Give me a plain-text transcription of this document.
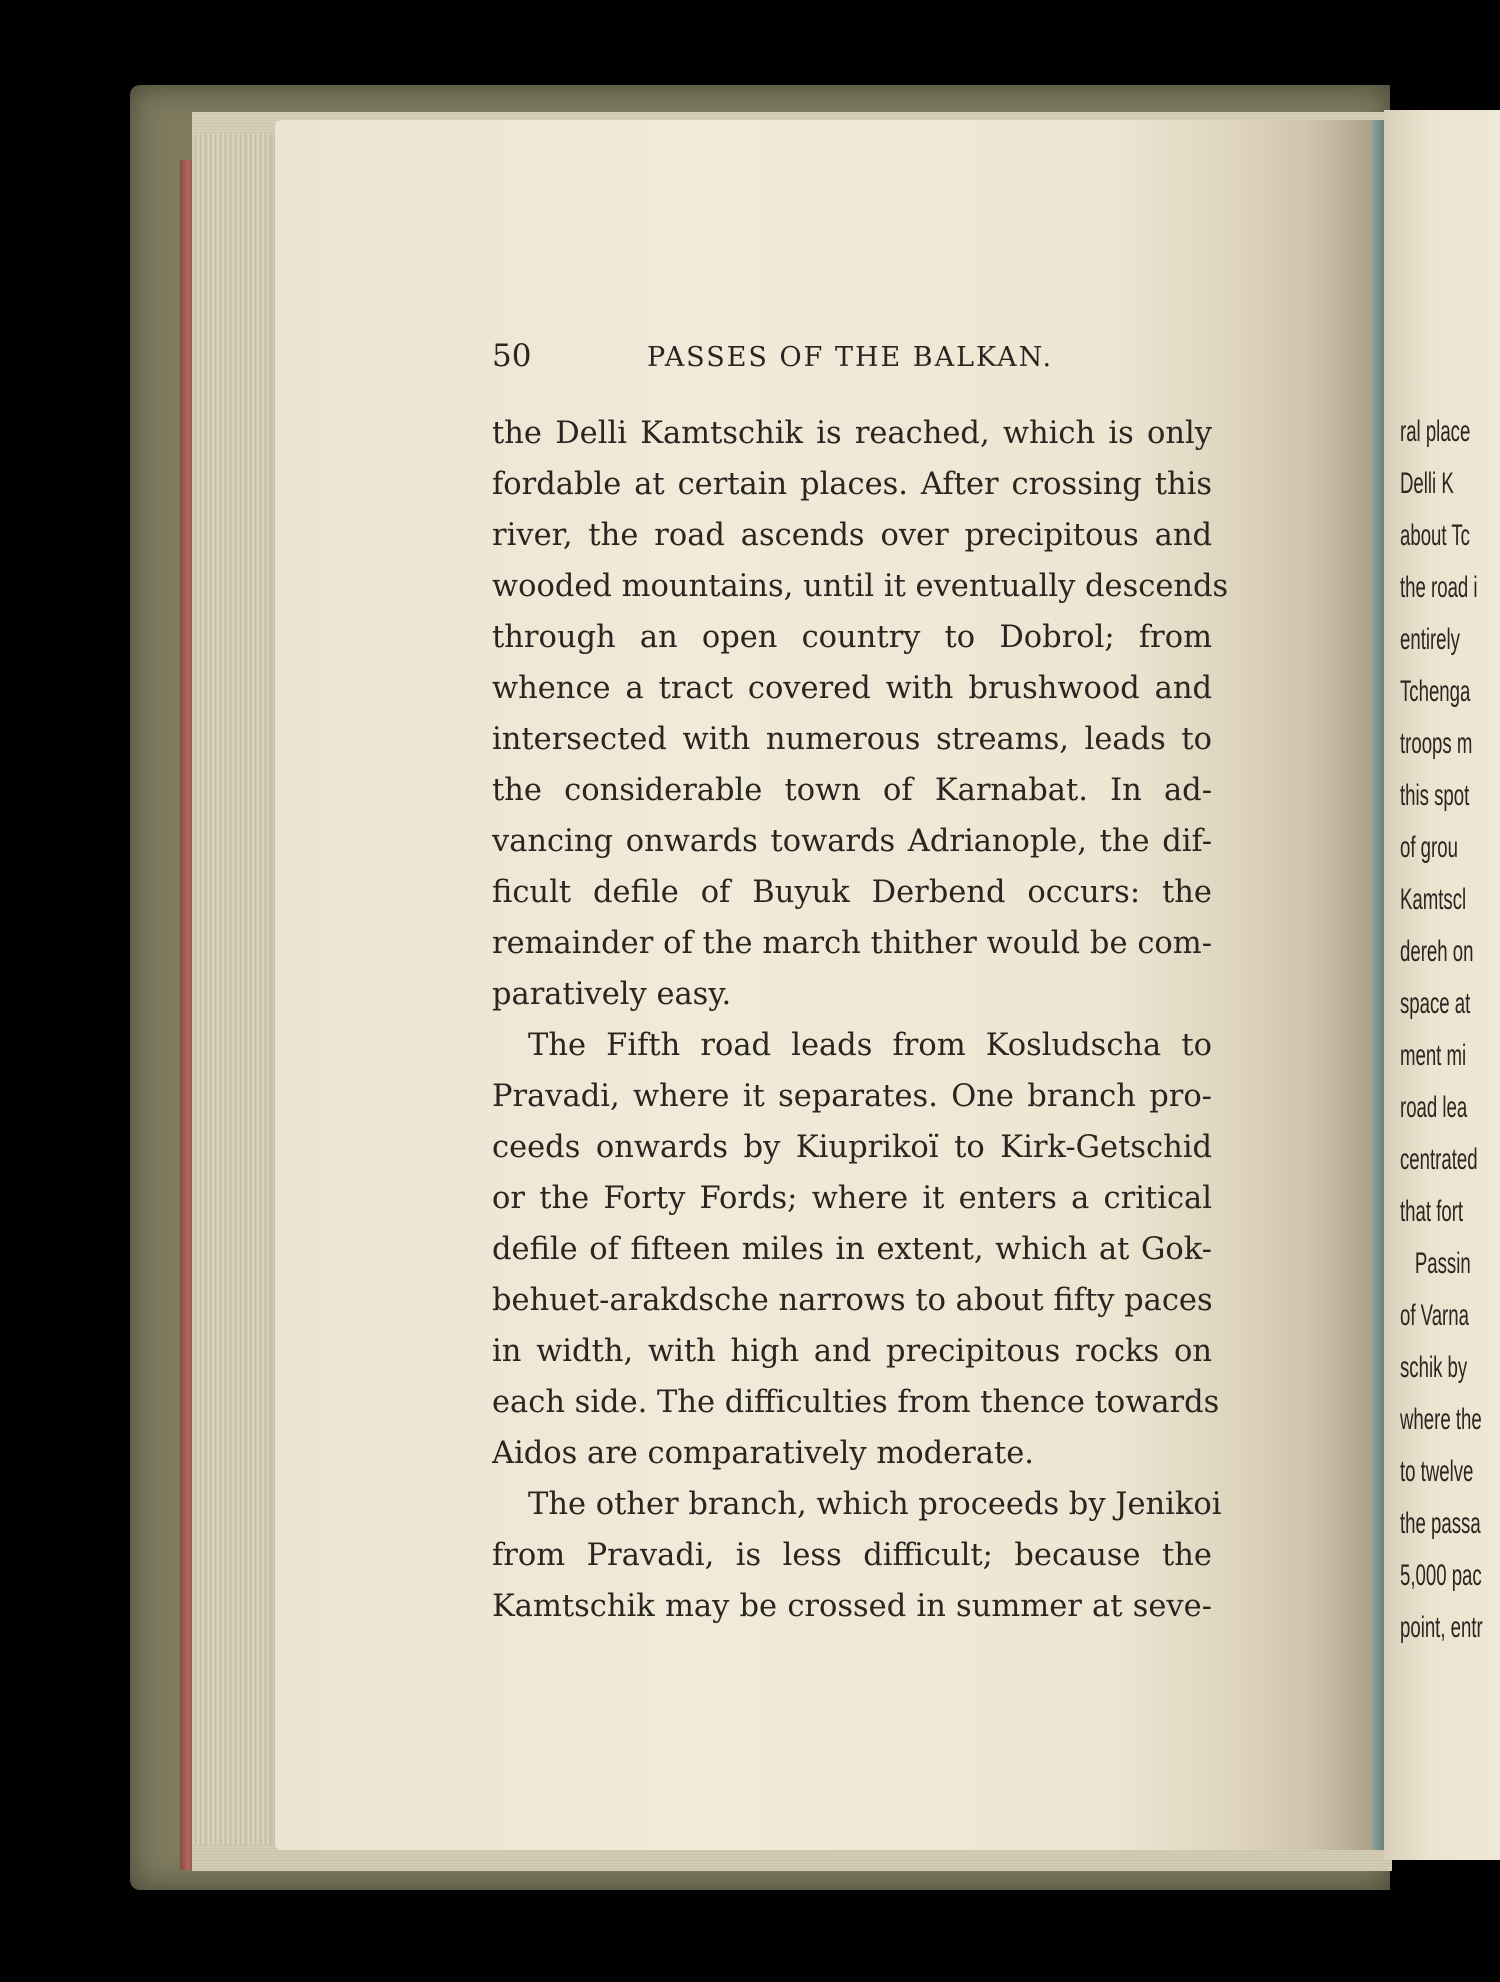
ral place
Delli K
about Tc
the road i
entirely
Tchenga
troops m
this spot
of grou
Kamtscl
dereh on
space at
ment mi
road lea
centrated
that fort
Passin
of Varna
schik by
where the
to twelve
the passa
5,000 pac
point, entr
50	PASSES OF THE BALKAN.
the Delli Kamtschik is reached, which is only
fordable at certain places. After crossing this
river, the road ascends over precipitous and
wooded mountains, until it eventually descends
through an open country to Dobrol; from
whence a tract covered with brushwood and
intersected with numerous streams, leads to
the considerable town of Karnabat. In ad-
vancing onwards towards Adrianople, the dif-
ficult defile of Buyuk Derbend occurs: the
remainder of the march thither would be com-
paratively easy.
The Fifth road leads from Kosludscha to
Pravadi, where it separates. One branch pro-
ceeds onwards by Kiuprikoï to Kirk-Getschid
or the Forty Fords; where it enters a critical
defile of fifteen miles in extent, which at Gok-
behuet-arakdsche narrows to about fifty paces
in width, with high and precipitous rocks on
each side. The difficulties from thence towards
Aidos are comparatively moderate.
The other branch, which proceeds by Jenikoi
from Pravadi, is less difficult; because the
Kamtschik may be crossed in summer at seve-
